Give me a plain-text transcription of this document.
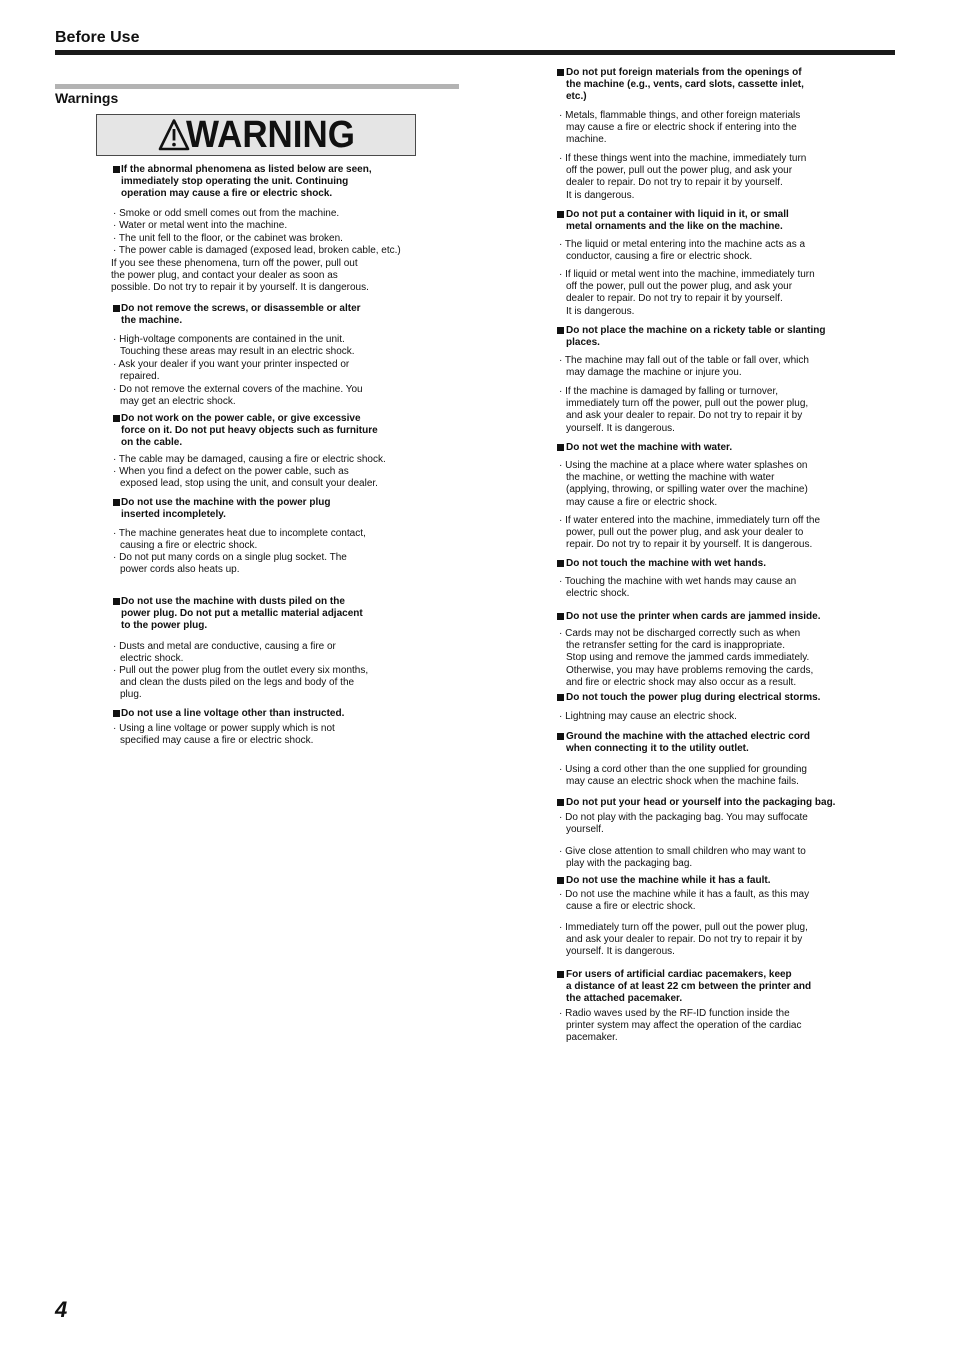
Before Use
Warnings
WARNING
If the abnormal phenomena as listed below are seen,
immediately stop operating the unit. Continuing
operation may cause a fire or electric shock.
· Smoke or odd smell comes out from the machine.
· Water or metal went into the machine.
· The unit fell to the floor, or the cabinet was broken.
· The power cable is damaged (exposed lead, broken cable, etc.)
If you see these phenomena, turn off the power, pull out
the power plug, and contact your dealer as soon as
possible. Do not try to repair it by yourself. It is dangerous.
Do not remove the screws, or disassemble or alter
the machine.
· High-voltage components are contained in the unit.
Touching these areas may result in an electric shock.
· Ask your dealer if you want your printer inspected or
repaired.
· Do not remove the external covers of the machine. You
may get an electric shock.
Do not work on the power cable, or give excessive
force on it. Do not put heavy objects such as furniture
on the cable.
· The cable may be damaged, causing a fire or electric shock.
· When you find a defect on the power cable, such as
exposed lead, stop using the unit, and consult your dealer.
Do not use the machine with the power plug
inserted incompletely.
· The machine generates heat due to incomplete contact,
causing a fire or electric shock.
· Do not put many cords on a single plug socket. The
power cords also heats up.
Do not use the machine with dusts piled on the
power plug. Do not put a metallic material adjacent
to the power plug.
· Dusts and metal are conductive, causing a fire or
electric shock.
· Pull out the power plug from the outlet every six months,
and clean the dusts piled on the legs and body of the
plug.
Do not use a line voltage other than instructed.
· Using a line voltage or power supply which is not
specified may cause a fire or electric shock.
Do not put foreign materials from the openings of
the machine (e.g., vents, card slots, cassette inlet,
etc.)
· Metals, flammable things, and other foreign materials
may cause a fire or electric shock if entering into the
machine.
· If these things went into the machine, immediately turn
off the power, pull out the power plug, and ask your
dealer to repair. Do not try to repair it by yourself.
It is dangerous.
Do not put a container with liquid in it, or small
metal ornaments and the like on the machine.
· The liquid or metal entering into the machine acts as a
conductor, causing a fire or electric shock.
· If liquid or metal went into the machine, immediately turn
off the power, pull out the power plug, and ask your
dealer to repair. Do not try to repair it by yourself.
It is dangerous.
Do not place the machine on a rickety table or slanting
places.
· The machine may fall out of the table or fall over, which
may damage the machine or injure you.
· If the machine is damaged by falling or turnover,
immediately turn off the power, pull out the power plug,
and ask your dealer to repair. Do not try to repair it by
yourself. It is dangerous.
Do not wet the machine with water.
· Using the machine at a place where water splashes on
the machine, or wetting the machine with water
(applying, throwing, or spilling water over the machine)
may cause a fire or electric shock.
· If water entered into the machine, immediately turn off the
power, pull out the power plug, and ask your dealer to
repair. Do not try to repair it by yourself. It is dangerous.
Do not touch the machine with wet hands.
· Touching the machine with wet hands may cause an
electric shock.
Do not use the printer when cards are jammed inside.
· Cards may not be discharged correctly such as when
the retransfer setting for the card is inappropriate.
Stop using and remove the jammed cards immediately.
Otherwise, you may have problems removing the cards,
and fire or electric shock may also occur as a result.
Do not touch the power plug during electrical storms.
· Lightning may cause an electric shock.
Ground the machine with the attached electric cord
when connecting it to the utility outlet.
· Using a cord other than the one supplied for grounding
may cause an electric shock when the machine fails.
Do not put your head or yourself into the packaging bag.
· Do not play with the packaging bag. You may suffocate
yourself.
· Give close attention to small children who may want to
play with the packaging bag.
Do not use the machine while it has a fault.
· Do not use the machine while it has a fault, as this may
cause a fire or electric shock.
· Immediately turn off the power, pull out the power plug,
and ask your dealer to repair. Do not try to repair it by
yourself. It is dangerous.
For users of artificial cardiac pacemakers, keep
a distance of at least 22 cm between the printer and
the attached pacemaker.
· Radio waves used by the RF-ID function inside the
printer system may affect the operation of the cardiac
pacemaker.
4
